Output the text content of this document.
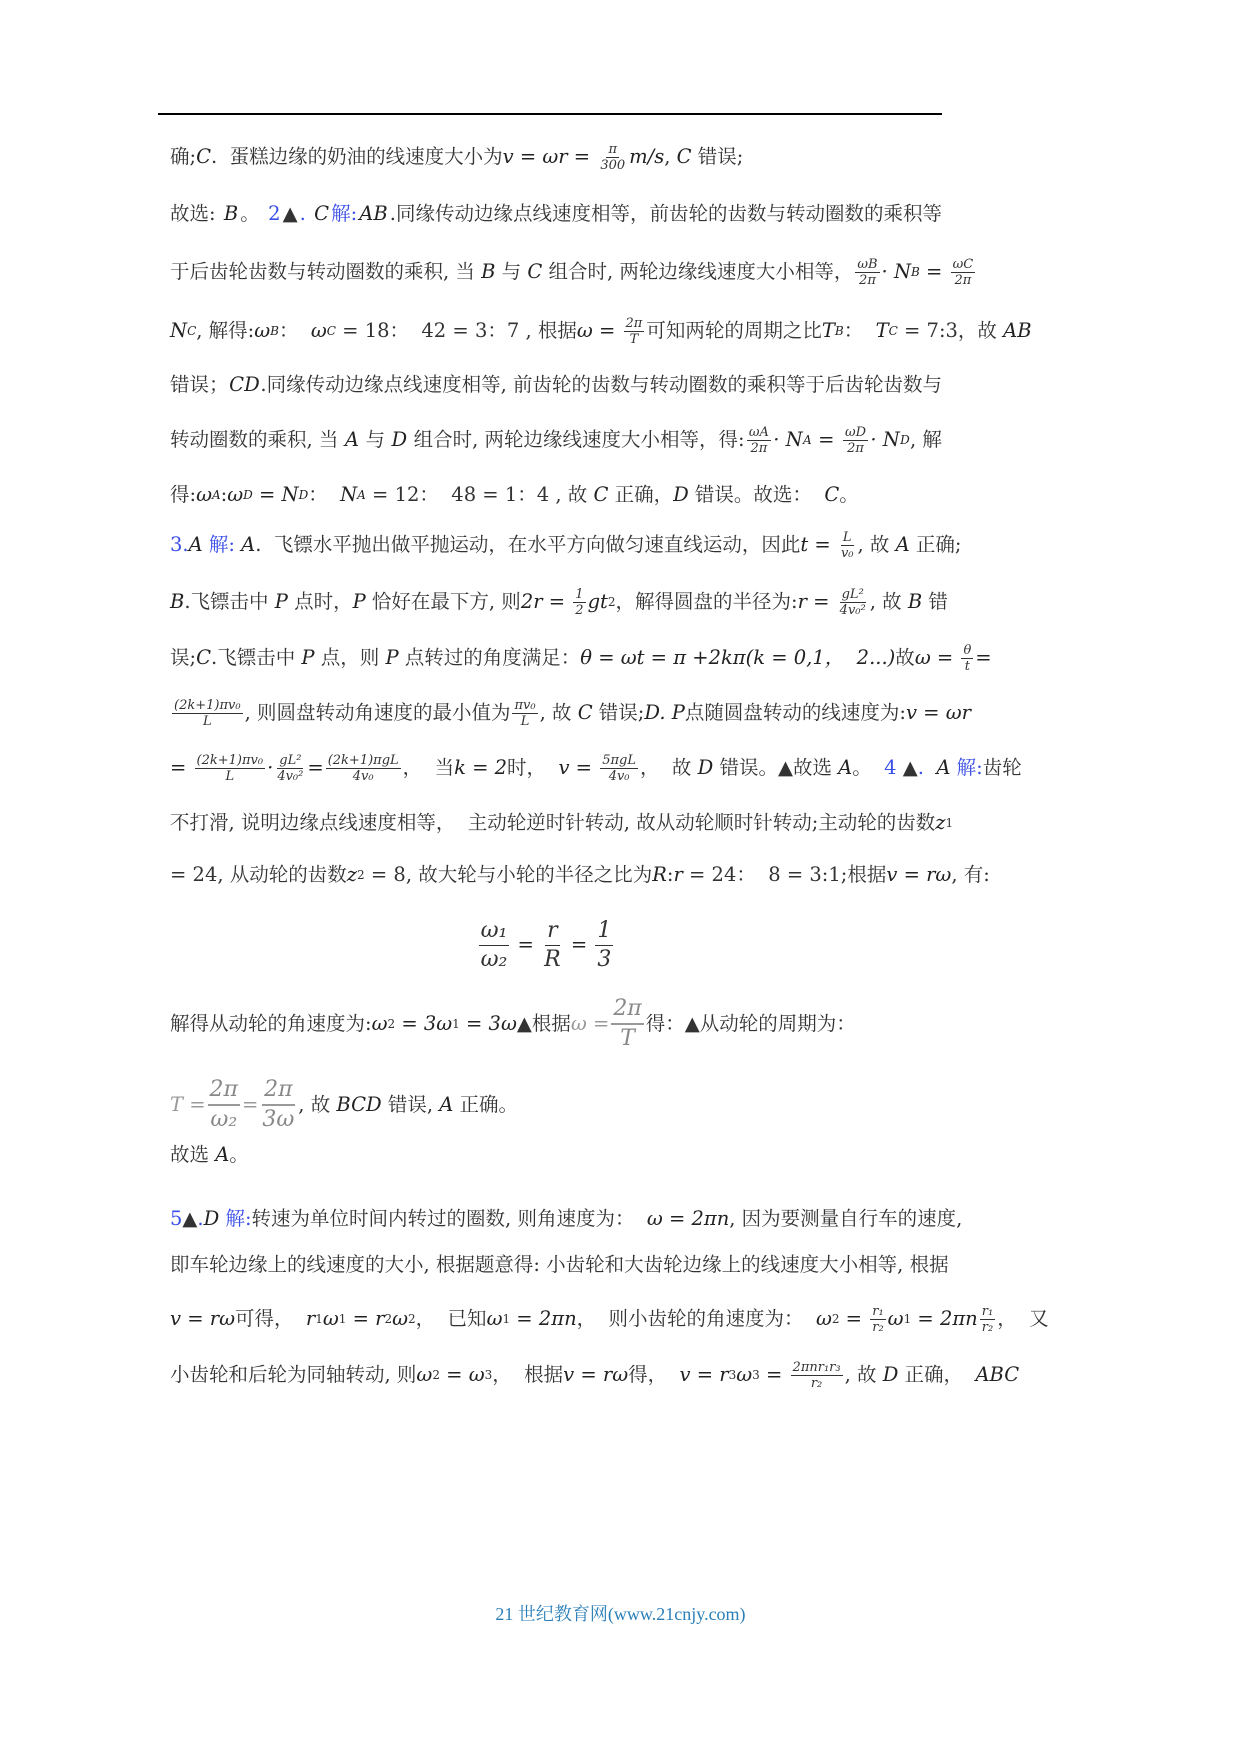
确; C .  蛋糕边缘的奶油的线速度大小为 $v = \omega r = \frac{\pi}{300} m/s$ , C 错误;
故选: B 。 2 ▲ . C 解: AB .同缘传动边缘点线速度相等，前齿轮的齿数与转动圈数的乘积等
于后齿轮齿数与转动圈数的乘积, 当 B 与 C 组合时, 两轮边缘线速度大小相等， $\frac{\omega B}{2\pi} \cdot N$ $B = \frac{\omega C}{2\pi}$
N C , 解得: ω B ： ω C = 18：  42 = 3：7 , 根据 $\omega = \frac{2\pi}{T}$ 可知两轮的周期之比 T B ： T C = 7:3，故 AB
错误； CD .同缘传动边缘点线速度相等, 前齿轮的齿数与转动圈数的乘积等于后齿轮齿数与
转动圈数的乘积, 当 A 与 D 组合时, 两轮边缘线速度大小相等，得: $\frac{\omega A}{2\pi} \cdot N$ $A = \frac{\omega D}{2\pi} \cdot N$ D , 解
得: ω A : ω D = N D ： N A = 12：  48 = 1：4 , 故 C 正确， D 错误。故选： C 。
3. A 解: A .  飞镖水平抛出做平抛运动，在水平方向做匀速直线运动，因此 $t = \frac{L}{\text{v₀}}$ , 故 A 正确;
B .飞镖击中 P 点时， P 恰好在最下方, 则 $2r = \frac{1}{2}$ gt 2 ，解得圆盘的半径为: $r = \frac{\text{gL²}}{\text{4v₀²}}$ , 故 B 错
误; C .飞镖击中 P 点，则 P 点转过的角度满足： θ = ωt = π +2kπ(k = 0,1，  2...) 故 $\omega = \frac{\theta}{t}$ =
$\frac{\text{(2k+1)πv₀}}{L}$ , 则圆盘转动角速度的最小值为 $\frac{\text{πv₀}}{L}$ , 故 C 错误; D. P 点随圆盘转动的线速度为: v = ωr
= $\frac{\text{(2k+1)πv₀}}{L} \cdot \frac{\text{gL²}}{\text{4v₀²}} = \frac{\text{(2k+1)πgL}}{\text{4v₀}}$ ，  当 k = 2 时， $v = \frac{\text{5πgL}}{\text{4v₀}}$ ，  故 D 错误。▲故选 A 。 4 ▲ . A 解: 齿轮
不打滑, 说明边缘点线速度相等，  主动轮逆时针转动, 故从动轮顺时针转动;主动轮的齿数 z 1
= 24, 从动轮的齿数 z 2 = 8, 故大轮与小轮的半径之比为 R : r = 24：  8 = 3:1;根据 v = rω , 有:
$\frac{\text{ω₁}}{\text{ω₂}} = \frac{r}{R} = \frac{1}{3}$
解得从动轮的角速度为: ω 2 = 3ω 1 = 3ω ▲根据 $\omega = \frac{2\pi}{T}$ 得：▲从动轮的周期为：
$T = \frac{2\pi}{\text{ω₂}} = \frac{2\pi}{3\omega}$ , 故 BCD 错误, A 正确。
故选 A 。
5 ▲ . D 解: 转速为单位时间内转过的圈数, 则角速度为： ω = 2πn , 因为要测量自行车的速度,
即车轮边缘上的线速度的大小, 根据题意得: 小齿轮和大齿轮边缘上的线速度大小相等, 根据
v = rω 可得， r 1 ω 1 = r 2 ω 2 ，  已知 ω 1 = 2πn ，  则小齿轮的角速度为： ω $2 = \frac{\text{r₁}}{\text{r₂}}$ ω $1 = 2\pi n \frac{\text{r₁}}{\text{r₂}}$ ，  又
小齿轮和后轮为同轴转动, 则 ω 2 = ω 3 ，  根据 v = rω 得， v = r 3 ω $3 = \frac{\text{2πnr₁r₃}}{\text{r₂}}$ , 故 D 正确， ABC
21 世纪教育网(www.21cnjy.com)
